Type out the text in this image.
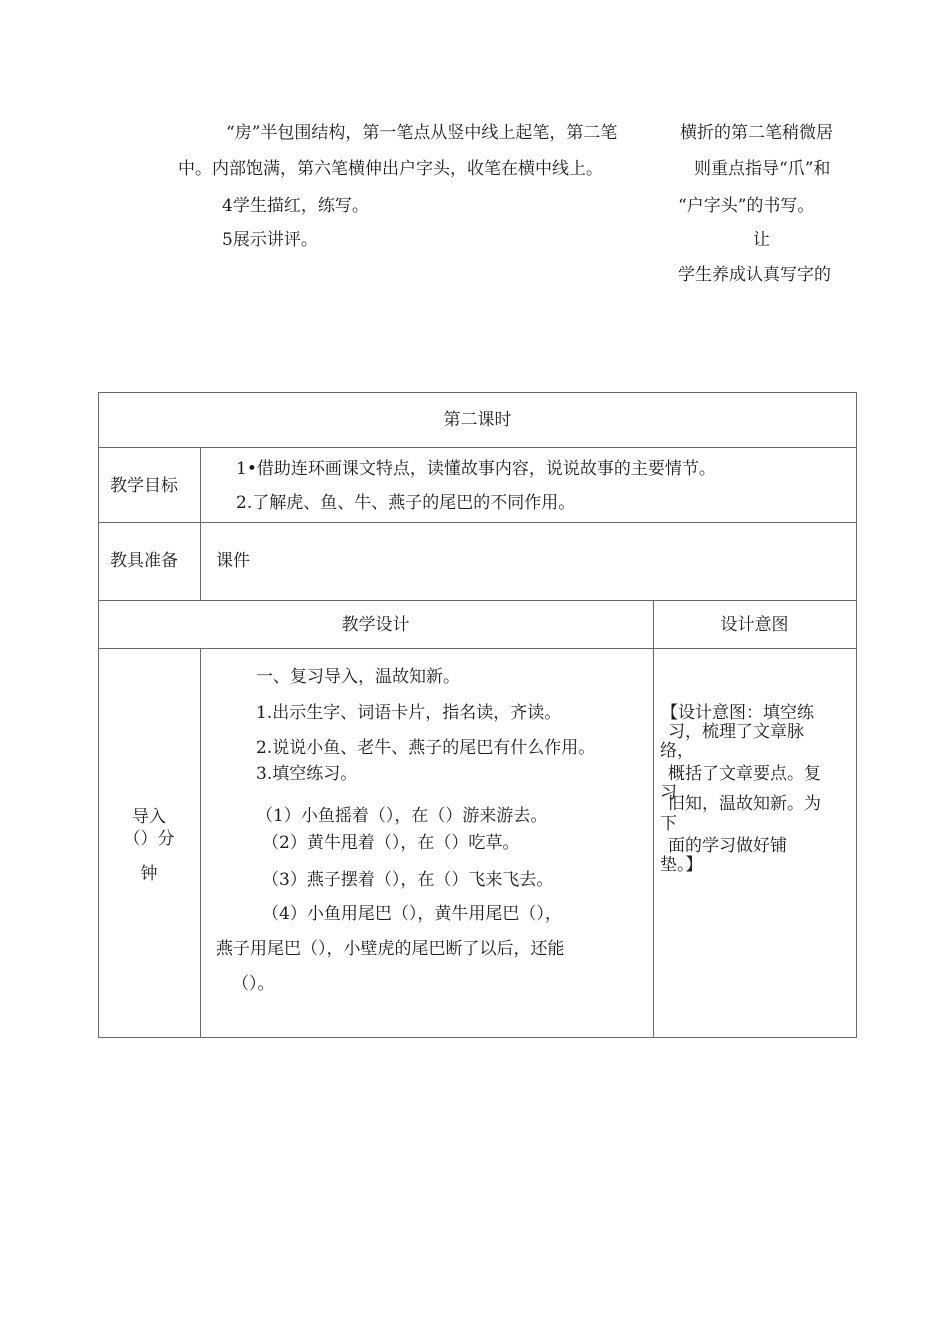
“房”半包围结构，第一笔点从竖中线上起笔，第二笔	横折的第二笔稍微居
中。内部饱满，第六笔横伸出户字头，收笔在横中线上。
4学生描红，练写。
5展示讲评。
则重点指导“爪”和
“户字头”的书写。
让
学生养成认真写字的
第二课时
教学目标
1•借助连环画课文特点，读懂故事内容，说说故事的主要情节。
2.了解虎、鱼、牛、燕子的尾巴的不同作用。
教具准备 课件
教学设计	设计意图
导入
（）分
钟
一、复习导入，温故知新。
1.出示生字、词语卡片，指名读，齐读。
2.说说小鱼、老牛、燕子的尾巴有什么作用。
3.填空练习。
（1）小鱼摇着（），在（）游来游去。
（2）黄牛甩着（），在（）吃草。
（3）燕子摆着（），在（）飞来飞去。
（4）小鱼用尾巴（），黄牛用尾巴（），
燕子用尾巴（），小壁虎的尾巴断了以后，还能
（）。
【设计意图：填空练
习，梳理了文章脉
络，
概括了文章要点。复
习
旧知，温故知新。为
下
面的学习做好铺
垫。】
